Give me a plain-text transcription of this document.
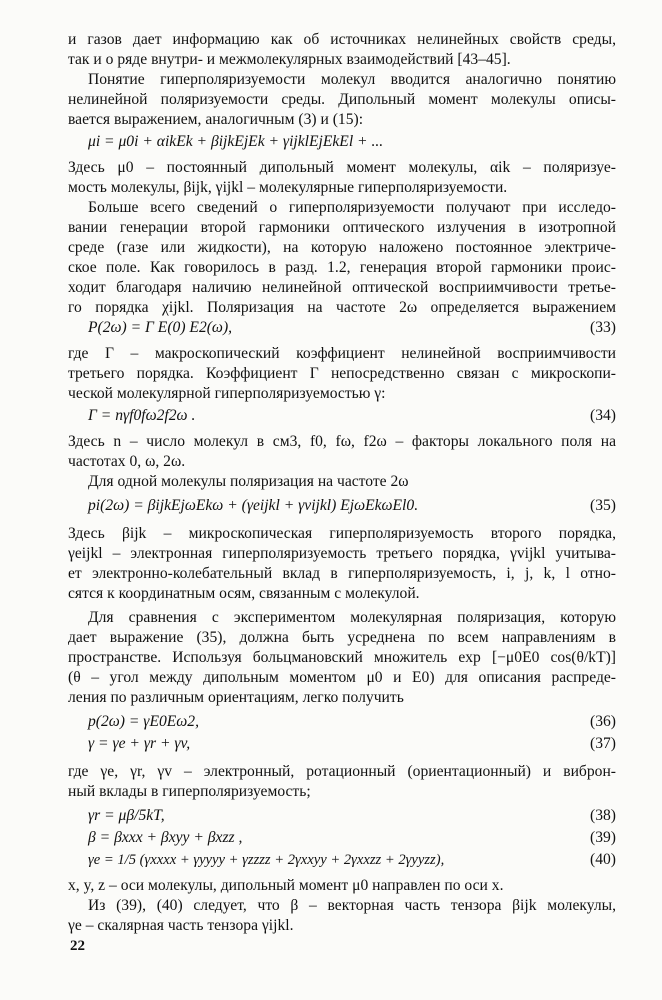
и газов дает информацию как об источниках нелинейных свойств среды,
так и о ряде внутри- и межмолекулярных взаимодействий [43–45].
Понятие гиперполяризуемости молекул вводится аналогично понятию
нелинейной поляризуемости среды. Дипольный момент молекулы описы-
вается выражением, аналогичным (3) и (15):
μi = μ0i + αikEk + βijkEjEk + γijklEjEkEl + ...
Здесь μ0 – постоянный дипольный момент молекулы, αik – поляризуе-
мость молекулы, βijk, γijkl – молекулярные гиперполяризуемости.
Больше всего сведений о гиперполяризуемости получают при исследо-
вании генерации второй гармоники оптического излучения в изотропной
среде (газе или жидкости), на которую наложено постоянное электриче-
ское поле. Как говорилось в разд. 1.2, генерация второй гармоники проис-
ходит благодаря наличию нелинейной оптической восприимчивости третье-
го порядка χijkl. Поляризация на частоте 2ω определяется выражением
P(2ω) = Γ E(0) E2(ω),	(33)
где Γ – макроскопический коэффициент нелинейной восприимчивости
третьего порядка. Коэффициент Γ непосредственно связан с микроскопи-
ческой молекулярной гиперполяризуемостью γ:
Γ = nγf0fω2f2ω .	(34)
Здесь n – число молекул в см3, f0, fω, f2ω – факторы локального поля на
частотах 0, ω, 2ω.
Для одной молекулы поляризация на частоте 2ω
pi(2ω) = βijkEjωEkω + (γeijkl + γvijkl) EjωEkωEl0.	(35)
Здесь βijk – микроскопическая гиперполяризуемость второго порядка,
γeijkl – электронная гиперполяризуемость третьего порядка, γvijkl учитыва-
ет электронно-колебательный вклад в гиперполяризуемость, i, j, k, l отно-
сятся к координатным осям, связанным с молекулой.
Для сравнения с экспериментом молекулярная поляризация, которую
дает выражение (35), должна быть усреднена по всем направлениям в
пространстве. Используя больцмановский множитель exp [−μ0E0 cos(θ/kT)]
(θ – угол между дипольным моментом μ0 и E0) для описания распреде-
ления по различным ориентациям, легко получить
p(2ω) = γE0Eω2,	(36)
γ = γe + γr + γv,	(37)
где γe, γr, γv – электронный, ротационный (ориентационный) и виброн-
ный вклады в гиперполяризуемость;
γr = μβ/5kT,	(38)
β = βxxx + βxyy + βxzz ,	(39)
γe = 1/5 (γxxxx + γyyyy + γzzzz + 2γxxyy + 2γxxzz + 2γyyzz),	(40)
x, y, z – оси молекулы, дипольный момент μ0 направлен по оси x.
Из (39), (40) следует, что β – векторная часть тензора βijk молекулы,
γe – скалярная часть тензора γijkl.
22
